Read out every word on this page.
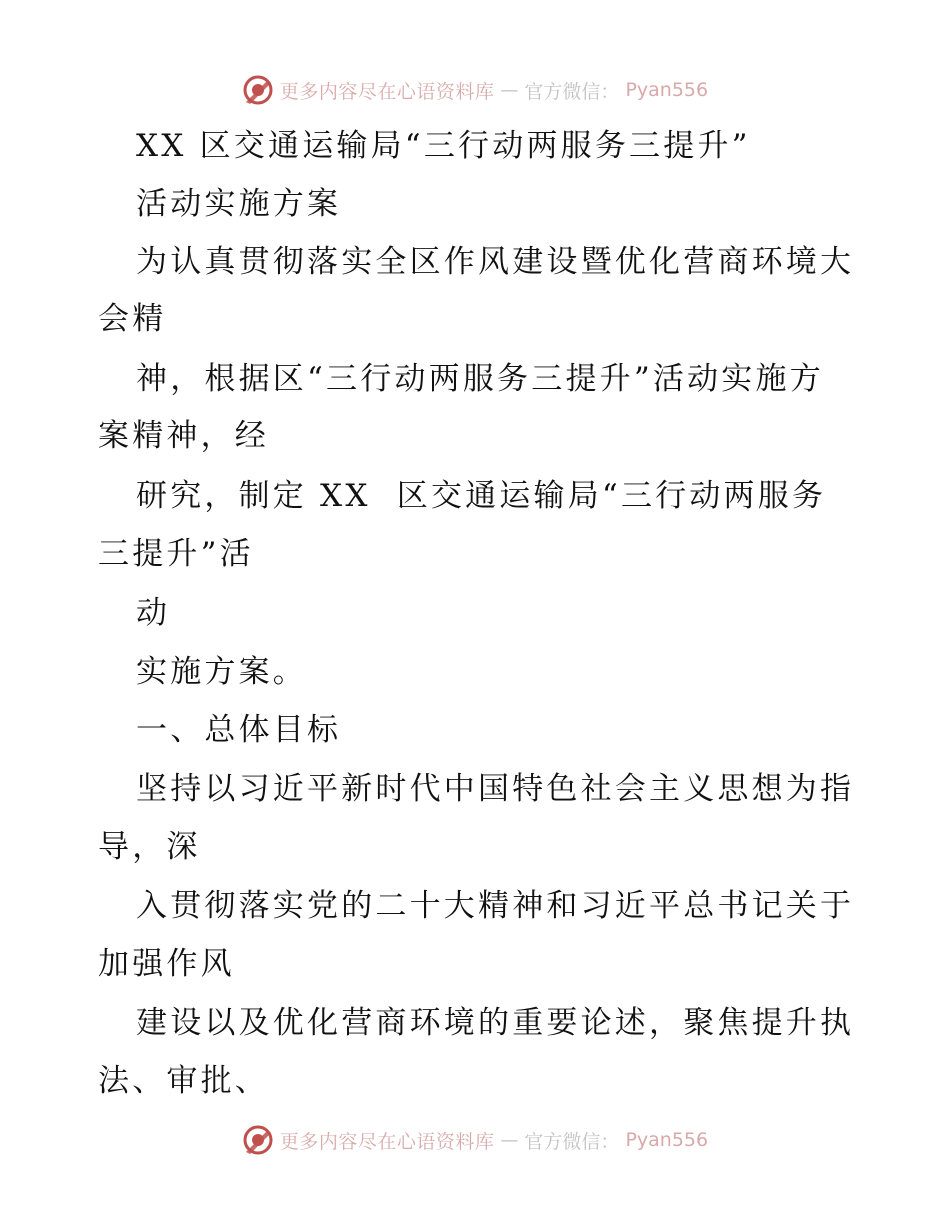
更多内容尽在心语资料库 — 官方微信： Pyan556
XX 区交通运输局“三行动两服务三提升”
活动实施方案
为认真贯彻落实全区作风建设暨优化营商环境大
会精
神，根据区“三行动两服务三提升”活动实施方
案精神，经
研究，制定 XX  区交通运输局“三行动两服务
三提升”活
动
实施方案。
一、总体目标
坚持以习近平新时代中国特色社会主义思想为指
导，深
入贯彻落实党的二十大精神和习近平总书记关于
加强作风
建设以及优化营商环境的重要论述，聚焦提升执
法、审批、
更多内容尽在心语资料库 — 官方微信： Pyan556
